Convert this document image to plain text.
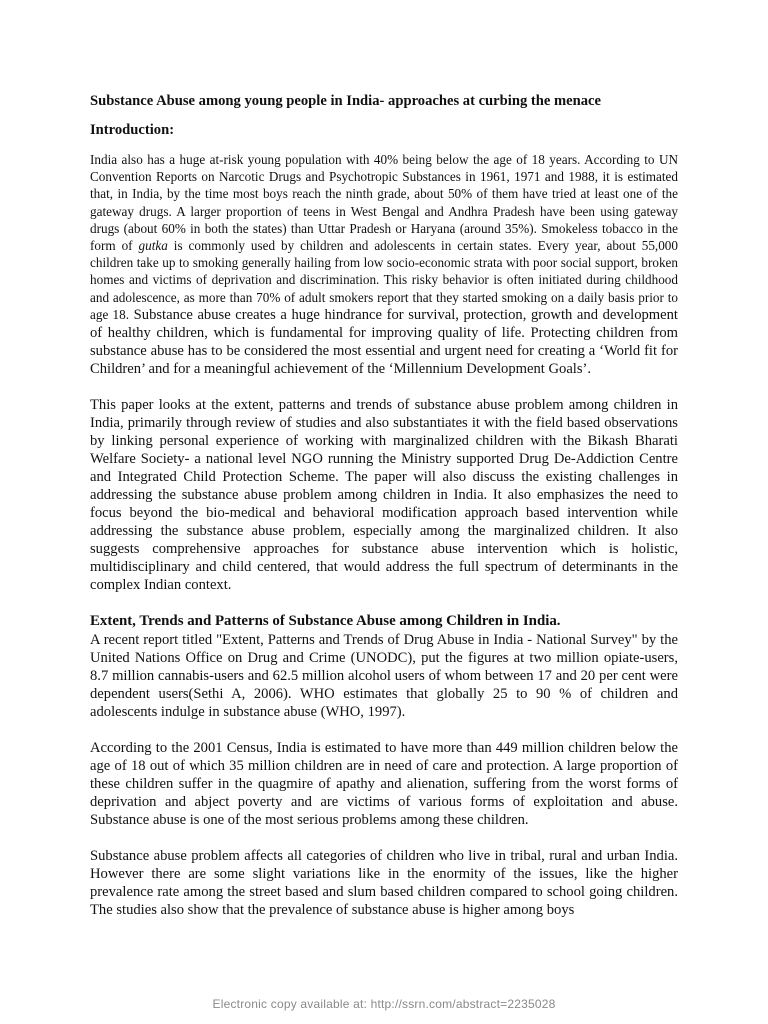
Substance Abuse among young people in India- approaches at curbing the menace
Introduction:

India also has a huge at-risk young population with 40% being below the age of 18 years. According to UN Convention Reports on Narcotic Drugs and Psychotropic Substances in 1961, 1971 and 1988, it is estimated that, in India, by the time most boys reach the ninth grade, about 50% of them have tried at least one of the gateway drugs. A larger proportion of teens in West Bengal and Andhra Pradesh have been using gateway drugs (about 60% in both the states) than Uttar Pradesh or Haryana (around 35%). Smokeless tobacco in the form of gutka is commonly used by children and adolescents in certain states. Every year, about 55,000 children take up to smoking generally hailing from low socio-economic strata with poor social support, broken homes and victims of deprivation and discrimination. This risky behavior is often initiated during childhood and adolescence, as more than 70% of adult smokers report that they started smoking on a daily basis prior to age 18. Substance abuse creates a huge hindrance for survival, protection, growth and development of healthy children, which is fundamental for improving quality of life. Protecting children from substance abuse has to be considered the most essential and urgent need for creating a ‘World fit for Children’ and for a meaningful achievement of the ‘Millennium Development Goals’.

This paper looks at the extent, patterns and trends of substance abuse problem among children in India, primarily through review of studies and also substantiates it with the field based observations by linking personal experience of working with marginalized children with the Bikash Bharati Welfare Society- a national level NGO running the Ministry supported Drug De-Addiction Centre and Integrated Child Protection Scheme. The paper will also discuss the existing challenges in addressing the substance abuse problem among children in India. It also emphasizes the need to focus beyond the bio-medical and behavioral modification approach based intervention while addressing the substance abuse problem, especially among the marginalized children. It also suggests comprehensive approaches for substance abuse intervention which is holistic, multidisciplinary and child centered, that would address the full spectrum of determinants in the complex Indian context.

Extent, Trends and Patterns of Substance Abuse among Children in India.

A recent report titled "Extent, Patterns and Trends of Drug Abuse in India - National Survey" by the United Nations Office on Drug and Crime (UNODC), put the figures at two million opiate-users, 8.7 million cannabis-users and 62.5 million alcohol users of whom between 17 and 20 per cent were dependent users(Sethi A, 2006). WHO estimates that globally 25 to 90 % of children and adolescents indulge in substance abuse (WHO, 1997).

According to the 2001 Census, India is estimated to have more than 449 million children below the age of 18 out of which 35 million children are in need of care and protection. A large proportion of these children suffer in the quagmire of apathy and alienation, suffering from the worst forms of deprivation and abject poverty and are victims of various forms of exploitation and abuse. Substance abuse is one of the most serious problems among these children.

Substance abuse problem affects all categories of children who live in tribal, rural and urban India. However there are some slight variations like in the enormity of the issues, like the higher prevalence rate among the street based and slum based children compared to school going children. The studies also show that the prevalence of substance abuse is higher among boys

Electronic copy available at: http://ssrn.com/abstract=2235028
